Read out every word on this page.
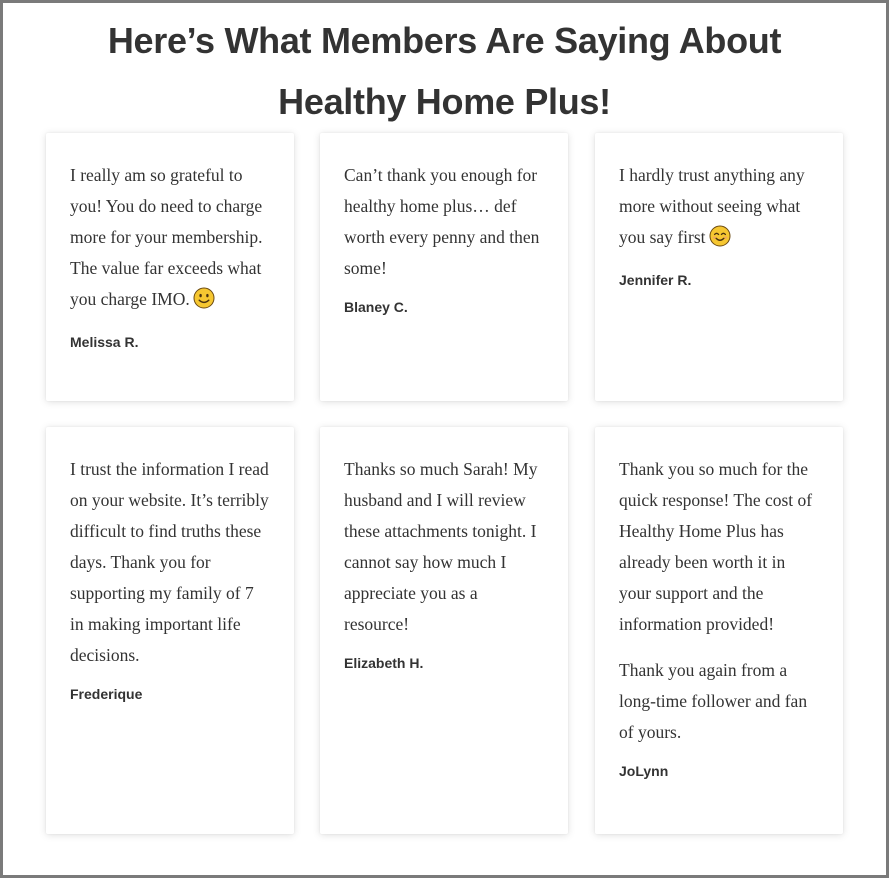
Here’s What Members Are Saying About
Healthy Home Plus!

I really am so grateful to you! You do need to charge more for your membership. The value far exceeds what you charge IMO.

Melissa R.

Can’t thank you enough for healthy home plus… def worth every penny and then some!

Blaney C.

I hardly trust anything any more without seeing what you say first

Jennifer R.

I trust the information I read on your website. It’s terribly difficult to find truths these days. Thank you for supporting my family of 7 in making important life decisions.

Frederique

Thanks so much Sarah! My husband and I will review these attachments tonight. I cannot say how much I appreciate you as a resource!

Elizabeth H.

Thank you so much for the quick response! The cost of Healthy Home Plus has already been worth it in your support and the information provided!

Thank you again from a long-time follower and fan of yours.

JoLynn
